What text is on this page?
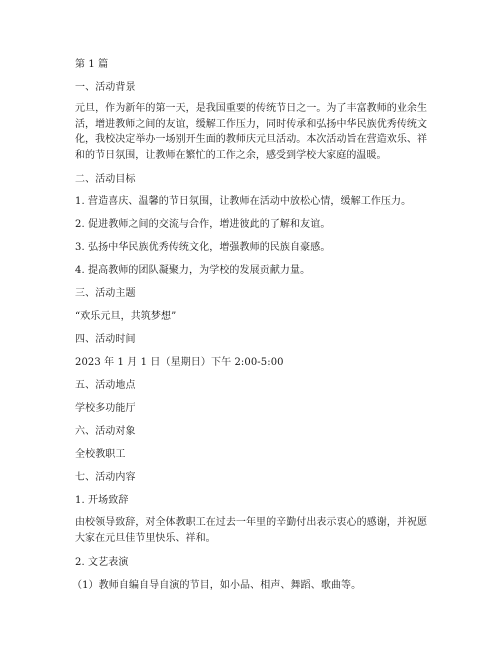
第 1 篇
一、活动背景
元旦，作为新年的第一天，是我国重要的传统节日之一。为了丰富教师的业余生活，增进教师之间的友谊，缓解工作压力，同时传承和弘扬中华民族优秀传统文化，我校决定举办一场别开生面的教师庆元旦活动。本次活动旨在营造欢乐、祥和的节日氛围，让教师在繁忙的工作之余，感受到学校大家庭的温暖。
二、活动目标
1. 营造喜庆、温馨的节日氛围，让教师在活动中放松心情，缓解工作压力。
2. 促进教师之间的交流与合作，增进彼此的了解和友谊。
3. 弘扬中华民族优秀传统文化，增强教师的民族自豪感。
4. 提高教师的团队凝聚力，为学校的发展贡献力量。
三、活动主题
“欢乐元旦，共筑梦想”
四、活动时间
2023 年 1 月 1 日（星期日）下午 2:00-5:00
五、活动地点
学校多功能厅
六、活动对象
全校教职工
七、活动内容
1. 开场致辞
由校领导致辞，对全体教职工在过去一年里的辛勤付出表示衷心的感谢，并祝愿大家在元旦佳节里快乐、祥和。
2. 文艺表演
（1）教师自编自导自演的节目，如小品、相声、舞蹈、歌曲等。
